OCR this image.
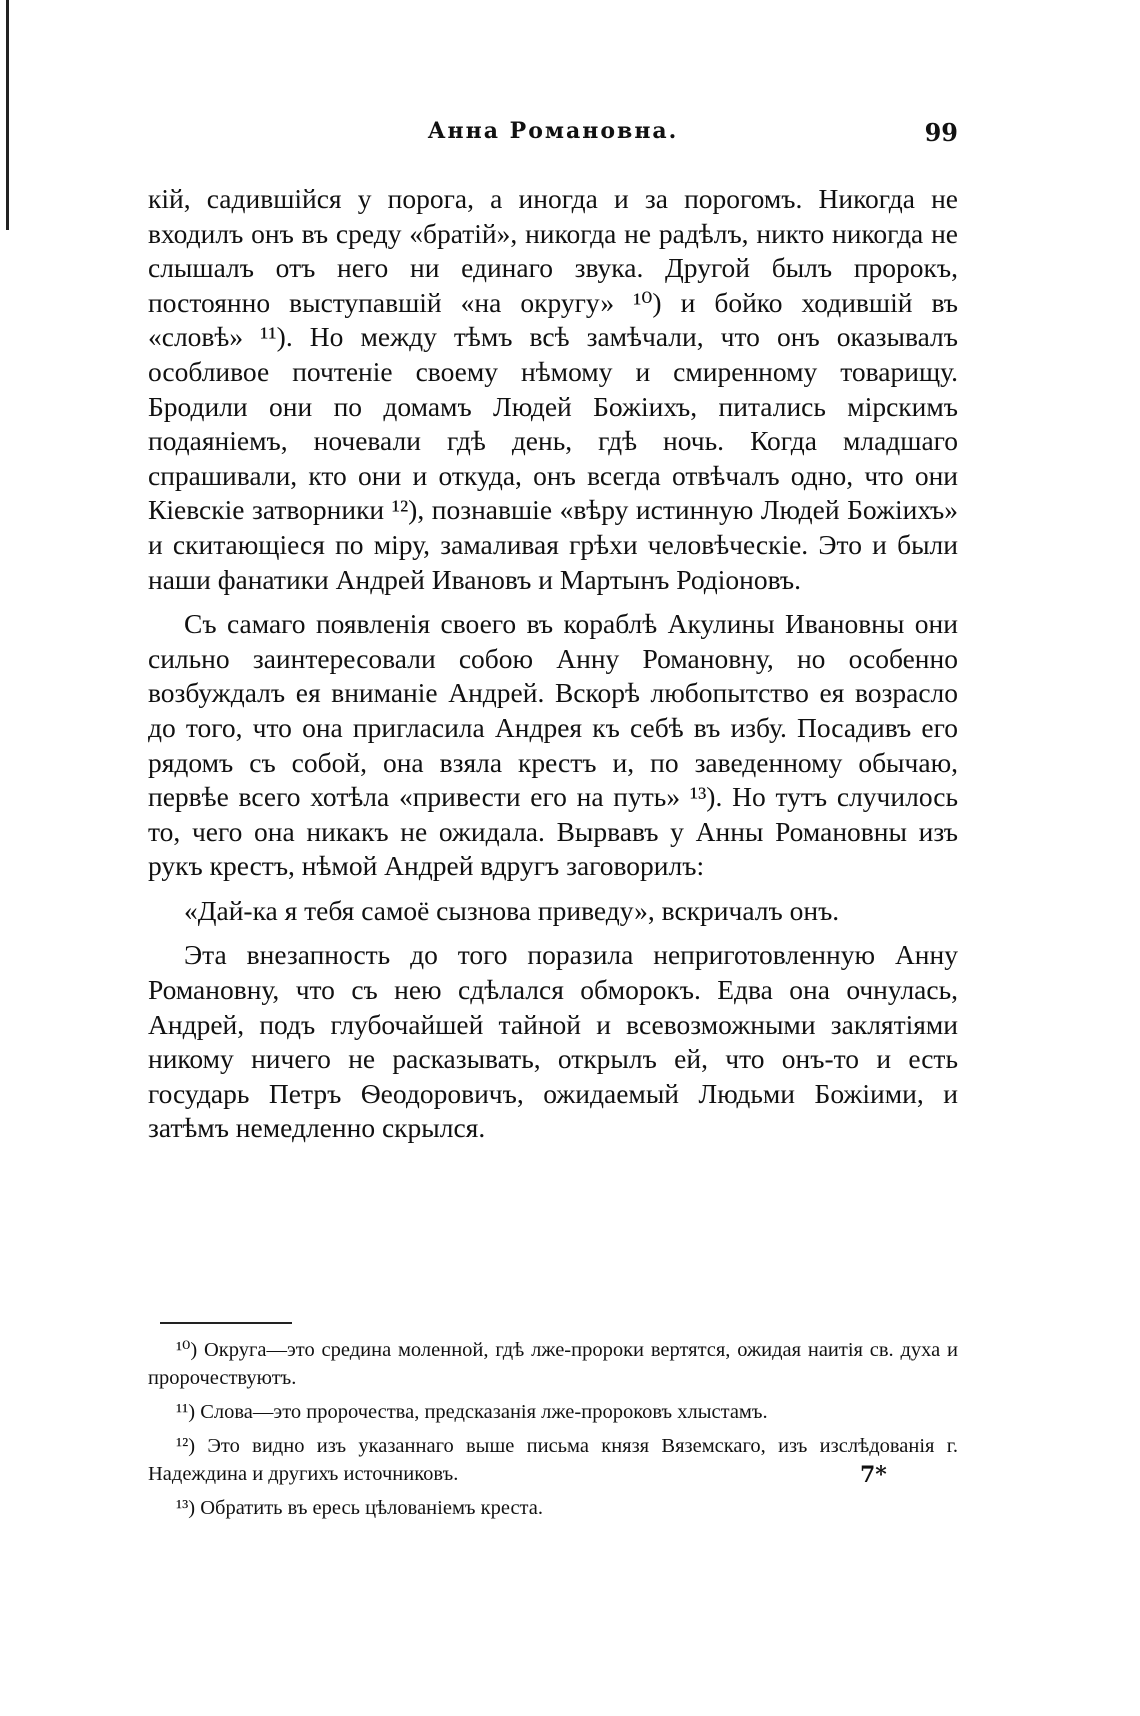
Анна Романовна.	99

кій, садившійся у порога, а иногда и за порогомъ. Никогда не входилъ онъ въ среду «братій», никогда не радѣлъ, никто никогда не слышалъ отъ него ни единаго звука. Другой былъ пророкъ, постоянно выступавшій «на округу» ¹⁰) и бойко ходившій въ «словѣ» ¹¹). Но между тѣмъ всѣ замѣчали, что онъ оказывалъ особливое почтеніе своему нѣмому и смиренному товарищу. Бродили они по домамъ Людей Божіихъ, питались мірскимъ подаяніемъ, ночевали гдѣ день, гдѣ ночь. Когда младшаго спрашивали, кто они и откуда, онъ всегда отвѣчалъ одно, что они Кіевскіе затворники ¹²), познавшіе «вѣру истинную Людей Божіихъ» и скитающіеся по міру, замаливая грѣхи человѣческіе. Это и были наши фанатики Андрей Ивановъ и Мартынъ Родіоновъ.

Съ самаго появленія своего въ кораблѣ Акулины Ивановны они сильно заинтересовали собою Анну Романовну, но особенно возбуждалъ ея вниманіе Андрей. Вскорѣ любопытство ея возрасло до того, что она пригласила Андрея къ себѣ въ избу. Посадивъ его рядомъ съ собой, она взяла крестъ и, по заведенному обычаю, первѣе всего хотѣла «привести его на путь» ¹³). Но тутъ случилось то, чего она никакъ не ожидала. Вырвавъ у Анны Романовны изъ рукъ крестъ, нѣмой Андрей вдругъ заговорилъ:

«Дай-ка я тебя самоё сызнова приведу», вскричалъ онъ.

Эта внезапность до того поразила неприготовленную Анну Романовну, что съ нею сдѣлался обморокъ. Едва она очнулась, Андрей, подъ глубочайшей тайной и всевозможными заклятіями никому ничего не расказывать, открылъ ей, что онъ-то и есть государь Петръ Ѳеодоровичъ, ожидаемый Людьми Божіими, и затѣмъ немедленно скрылся.

¹⁰) Округа—это средина моленной, гдѣ лже-пророки вертятся, ожидая наитія св. духа и пророчествуютъ.
¹¹) Слова—это пророчества, предсказанія лже-пророковъ хлыстамъ.
¹²) Это видно изъ указаннаго выше письма князя Вяземскаго, изъ изслѣдованія г. Надеждина и другихъ источниковъ.
¹³) Обратить въ ересь цѣлованіемъ креста.
7*
